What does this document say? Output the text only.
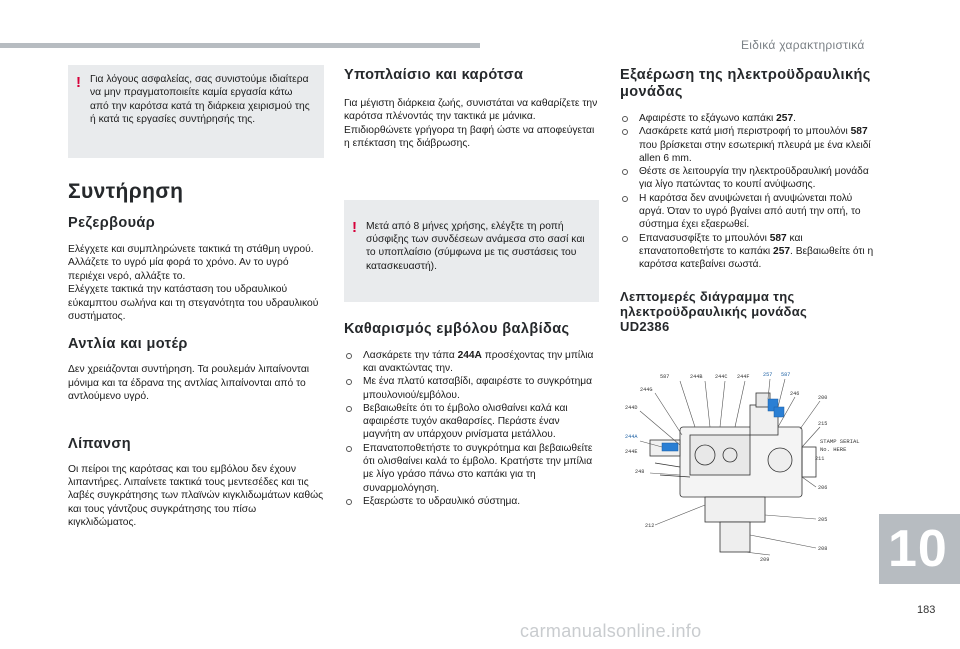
Ειδικά χαρακτηριστικά
! Για λόγους ασφαλείας, σας συνιστούμε ιδιαίτερα να μην πραγματοποιείτε καμία εργασία κάτω από την καρότσα κατά τη διάρκεια χειρισμού της ή κατά τις εργασίες συντήρησής της.
Συντήρηση
Ρεζερβουάρ

Ελέγχετε και συμπληρώνετε τακτικά τη στάθμη υγρού. Αλλάζετε το υγρό μία φορά το χρόνο. Αν το υγρό περιέχει νερό, αλλάξτε το.

Ελέγχετε τακτικά την κατάσταση του υδραυλικού εύκαμπτου σωλήνα και τη στεγανότητα του υδραυλικού συστήματος.

Αντλία και μοτέρ

Δεν χρειάζονται συντήρηση. Τα ρουλεμάν λιπαίνονται μόνιμα και τα έδρανα της αντλίας λιπαίνονται από το αντλούμενο υγρό.

Λίπανση

Οι πείροι της καρότσας και του εμβόλου δεν έχουν λιπαντήρες. Λιπαίνετε τακτικά τους μεντεσέδες και τις λαβές συγκράτησης των πλαϊνών κιγκλιδωμάτων καθώς και τους γάντζους συγκράτησης του πίσω κιγκλιδώματος.

Υποπλαίσιο και καρότσα

Για μέγιστη διάρκεια ζωής, συνιστάται να καθαρίζετε την καρότσα πλένοντάς την τακτικά με μάνικα.

Επιδιορθώνετε γρήγορα τη βαφή ώστε να αποφεύγεται η επέκταση της διάβρωσης.

! Μετά από 8 μήνες χρήσης, ελέγξτε τη ροπή σύσφιξης των συνδέσεων ανάμεσα στο σασί και το υποπλαίσιο (σύμφωνα με τις συστάσεις του κατασκευαστή).
Καθαρισμός εμβόλου βαλβίδας
Λασκάρετε την τάπα 244A προσέχοντας την μπίλια και ανακτώντας την.
Με ένα πλατύ κατσαβίδι, αφαιρέστε το συγκρότημα μπουλονιού/εμβόλου.
Βεβαιωθείτε ότι το έμβολο ολισθαίνει καλά και αφαιρέστε τυχόν ακαθαρσίες. Περάστε έναν μαγνήτη αν υπάρχουν ρινίσματα μετάλλου.
Επανατοποθετήστε το συγκρότημα και βεβαιωθείτε ότι ολισθαίνει καλά το έμβολο. Κρατήστε την μπίλια με λίγο γράσο πάνω στο καπάκι για τη συναρμολόγηση.
Εξαερώστε το υδραυλικό σύστημα.
Εξαέρωση της ηλεκτροϋδραυλικής μονάδας
Αφαιρέστε το εξάγωνο καπάκι 257.
Λασκάρετε κατά μισή περιστροφή το μπουλόνι 587 που βρίσκεται στην εσωτερική πλευρά με ένα κλειδί allen 6 mm.
Θέστε σε λειτουργία την ηλεκτροϋδραυλική μονάδα για λίγο πατώντας το κουπί ανύψωσης.
Η καρότσα δεν ανυψώνεται ή ανυψώνεται πολύ αργά. Όταν το υγρό βγαίνει από αυτή την οπή, το σύστημα έχει εξαερωθεί.
Επανασυσφίξτε το μπουλόνι 587 και επανατοποθετήστε το καπάκι 257. Βεβαιωθείτε ότι η καρότσα κατεβαίνει σωστά.
Λεπτομερές διάγραμμα της ηλεκτροϋδραυλικής μονάδας UD2386
587	244B 244C 244F	257 587
244G
244D
244A
248
212
246
200
215
206
205
208
209
211
244E
STAMP SERIAL
No. HERE
10
183
carmanualsonline.info
